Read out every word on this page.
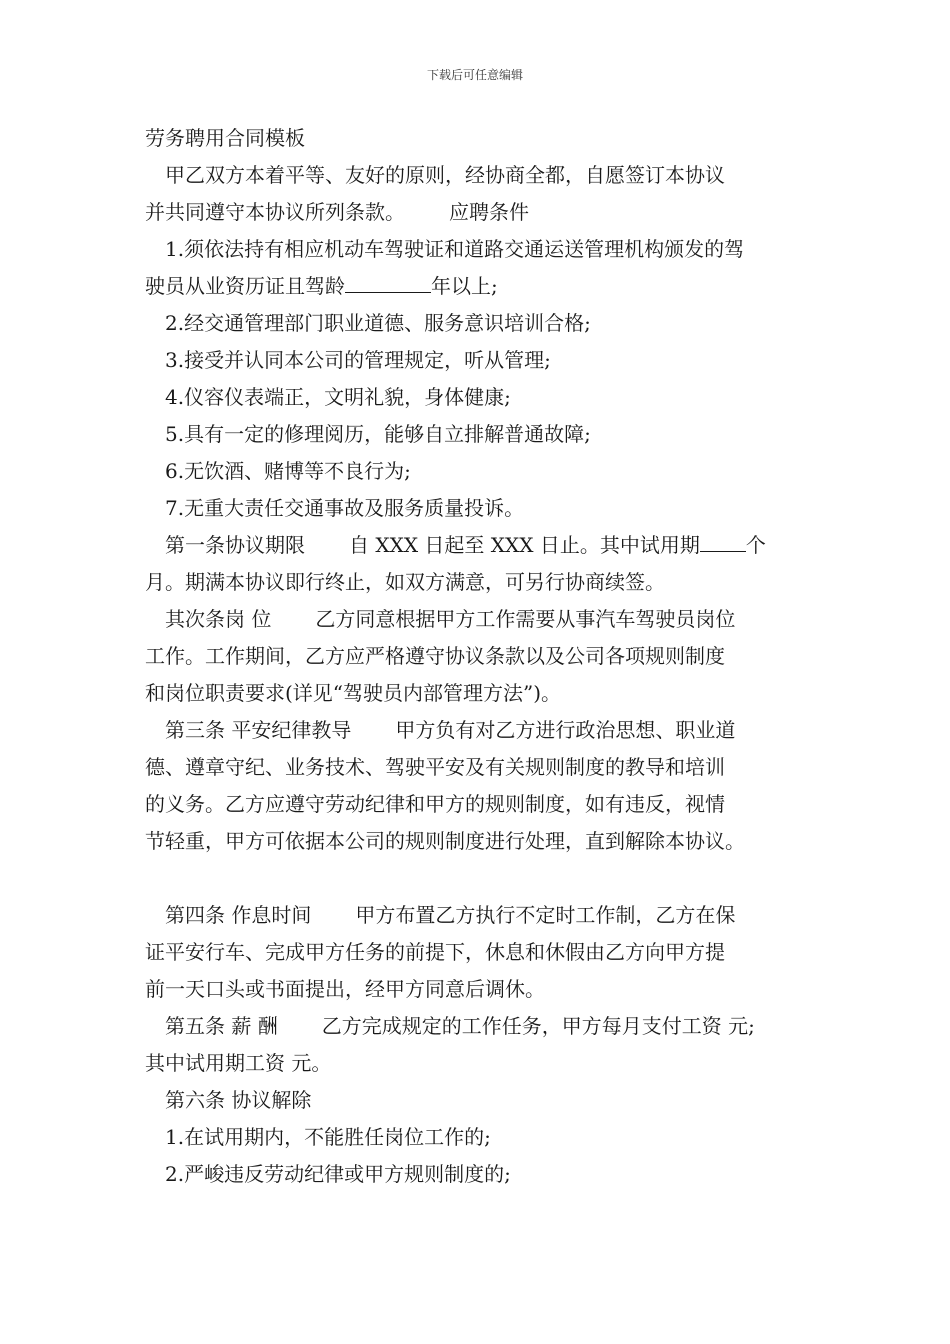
下载后可任意编辑
劳务聘用合同模板
甲乙双方本着平等、友好的原则，经协商全都，自愿签订本协议
并共同遵守本协议所列条款。 应聘条件
1.须依法持有相应机动车驾驶证和道路交通运送管理机构颁发的驾
驶员从业资历证且驾龄	年以上;
2.经交通管理部门职业道德、服务意识培训合格;
3.接受并认同本公司的管理规定，听从管理;
4.仪容仪表端正，文明礼貌，身体健康;
5.具有一定的修理阅历，能够自立排解普通故障;
6.无饮酒、赌博等不良行为;
7.无重大责任交通事故及服务质量投诉。
第一条协议期限 自 XXX 日起至 XXX 日止。其中试用期 个
月。期满本协议即行终止，如双方满意，可另行协商续签。
其次条岗 位 乙方同意根据甲方工作需要从事汽车驾驶员岗位
工作。工作期间，乙方应严格遵守协议条款以及公司各项规则制度
和岗位职责要求(详见“驾驶员内部管理方法”)。
第三条 平安纪律教导 甲方负有对乙方进行政治思想、职业道
德、遵章守纪、业务技术、驾驶平安及有关规则制度的教导和培训
的义务。乙方应遵守劳动纪律和甲方的规则制度，如有违反，视情
节轻重，甲方可依据本公司的规则制度进行处理，直到解除本协议。
第四条 作息时间 甲方布置乙方执行不定时工作制，乙方在保
证平安行车、完成甲方任务的前提下，休息和休假由乙方向甲方提
前一天口头或书面提出，经甲方同意后调休。
第五条 薪 酬 乙方完成规定的工作任务，甲方每月支付工资 元;
其中试用期工资 元。
第六条 协议解除
1.在试用期内，不能胜任岗位工作的;
2.严峻违反劳动纪律或甲方规则制度的;
